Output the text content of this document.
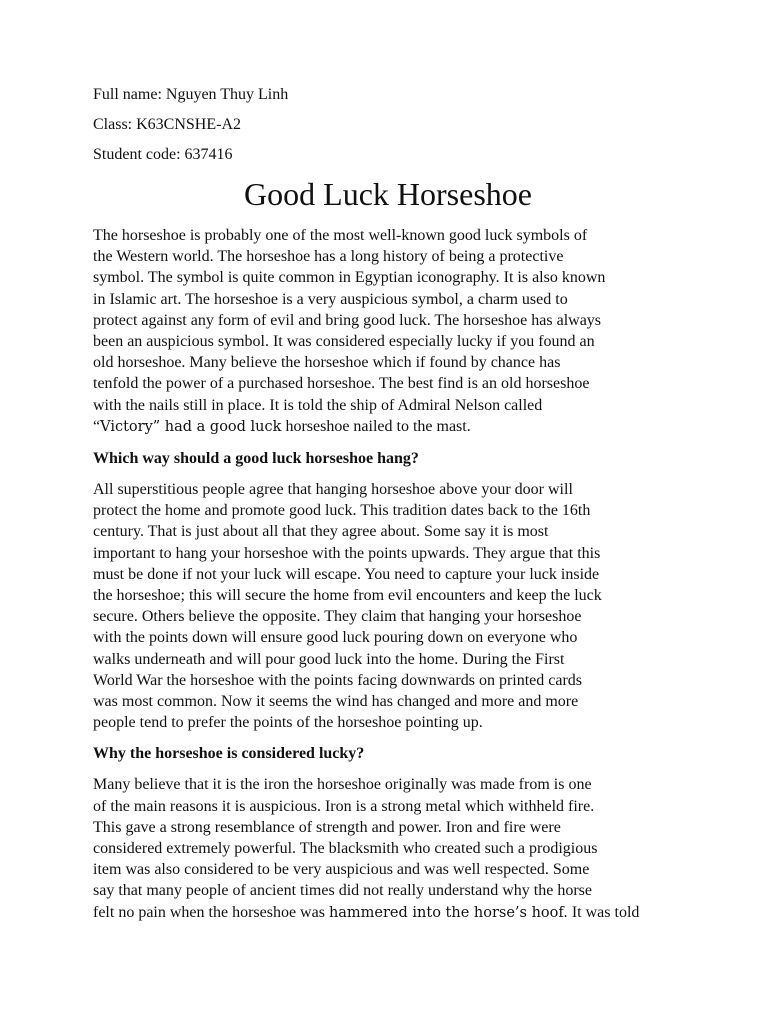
Full name: Nguyen Thuy Linh

Class: K63CNSHE-A2

Student code: 637416

Good Luck Horseshoe
The horseshoe is probably one of the most well-known good luck symbols of
the Western world. The horseshoe has a long history of being a protective
symbol. The symbol is quite common in Egyptian iconography. It is also known
in Islamic art. The horseshoe is a very auspicious symbol, a charm used to
protect against any form of evil and bring good luck. The horseshoe has always
been an auspicious symbol. It was considered especially lucky if you found an
old horseshoe. Many believe the horseshoe which if found by chance has
tenfold the power of a purchased horseshoe. The best find is an old horseshoe
with the nails still in place. It is told the ship of Admiral Nelson called
“Victory” had a good luck horseshoe nailed to the mast.
Which way should a good luck horseshoe hang?
All superstitious people agree that hanging horseshoe above your door will
protect the home and promote good luck. This tradition dates back to the 16th
century. That is just about all that they agree about. Some say it is most
important to hang your horseshoe with the points upwards. They argue that this
must be done if not your luck will escape. You need to capture your luck inside
the horseshoe; this will secure the home from evil encounters and keep the luck
secure. Others believe the opposite. They claim that hanging your horseshoe
with the points down will ensure good luck pouring down on everyone who
walks underneath and will pour good luck into the home. During the First
World War the horseshoe with the points facing downwards on printed cards
was most common. Now it seems the wind has changed and more and more
people tend to prefer the points of the horseshoe pointing up.
Why the horseshoe is considered lucky?
Many believe that it is the iron the horseshoe originally was made from is one
of the main reasons it is auspicious. Iron is a strong metal which withheld fire.
This gave a strong resemblance of strength and power. Iron and fire were
considered extremely powerful. The blacksmith who created such a prodigious
item was also considered to be very auspicious and was well respected. Some
say that many people of ancient times did not really understand why the horse
felt no pain when the horseshoe was hammered into the horse’s hoof. It was told
